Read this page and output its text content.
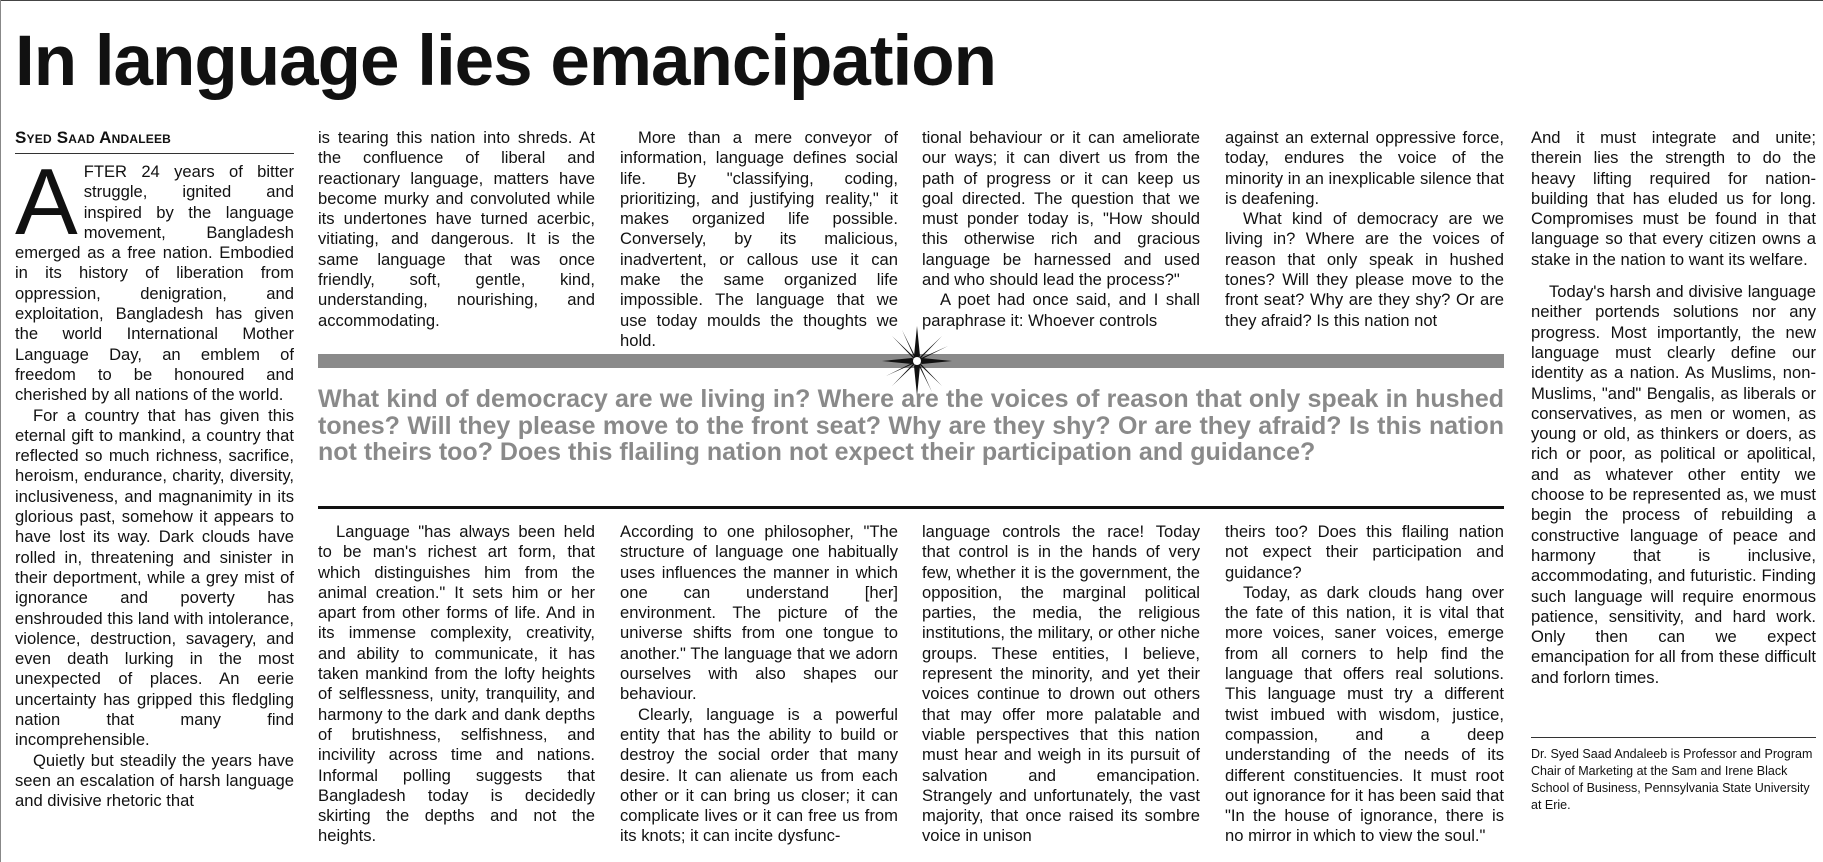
In language lies emancipation
Syed Saad Andaleeb

AFTER 24 years of bitter struggle, ignited and inspired by the language movement, Bangladesh emerged as a free nation. Embodied in its history of liberation from oppression, denigration, and exploitation, Bangladesh has given the world International Mother Language Day, an emblem of freedom to be honoured and cherished by all nations of the world.

For a country that has given this eternal gift to mankind, a country that reflected so much richness, sacrifice, heroism, endurance, charity, diversity, inclusiveness, and magnanimity in its glorious past, somehow it appears to have lost its way. Dark clouds have rolled in, threatening and sinister in their deportment, while a grey mist of ignorance and poverty has enshrouded this land with intolerance, violence, destruction, savagery, and even death lurking in the most unexpected of places. An eerie uncertainty has gripped this fledgling nation that many find incomprehensible.

Quietly but steadily the years have seen an escalation of harsh language and divisive rhetoric that

is tearing this nation into shreds. At the confluence of liberal and reactionary language, matters have become murky and convoluted while its undertones have turned acerbic, vitiating, and dangerous. It is the same language that was once friendly, soft, gentle, kind, understanding, nourishing, and accommodating.

More than a mere conveyor of information, language defines social life. By "classifying, coding, prioritizing, and justifying reality," it makes organized life possible. Conversely, by its malicious, inadvertent, or callous use it can make the same organized life impossible. The language that we use today moulds the thoughts we hold.

tional behaviour or it can ameliorate our ways; it can divert us from the path of progress or it can keep us goal directed. The question that we must ponder today is, "How should this otherwise rich and gracious language be harnessed and used and who should lead the process?"

A poet had once said, and I shall paraphrase it: Whoever controls

against an external oppressive force, today, endures the voice of the minority in an inexplicable silence that is deafening.

What kind of democracy are we living in? Where are the voices of reason that only speak in hushed tones? Will they please move to the front seat? Why are they shy? Or are they afraid? Is this nation not

What kind of democracy are we living in? Where are the voices of reason that only speak in hushed tones? Will they please move to the front seat? Why are they shy? Or are they afraid? Is this nation not theirs too? Does this flailing nation not expect their participation and guidance?

Language "has always been held to be man's richest art form, that which distinguishes him from the animal creation." It sets him or her apart from other forms of life. And in its immense complexity, creativity, and ability to communicate, it has taken mankind from the lofty heights of selflessness, unity, tranquility, and harmony to the dark and dank depths of brutishness, selfishness, and incivility across time and nations. Informal polling suggests that Bangladesh today is decidedly skirting the depths and not the heights.

According to one philosopher, "The structure of language one habitually uses influences the manner in which one can understand [her] environment. The picture of the universe shifts from one tongue to another." The language that we adorn ourselves with also shapes our behaviour.

Clearly, language is a powerful entity that has the ability to build or destroy the social order that many desire. It can alienate us from each other or it can bring us closer; it can complicate lives or it can free us from its knots; it can incite dysfunc-

language controls the race! Today that control is in the hands of very few, whether it is the government, the opposition, the marginal political parties, the media, the religious institutions, the military, or other niche groups. These entities, I believe, represent the minority, and yet their voices continue to drown out others that may offer more palatable and viable perspectives that this nation must hear and weigh in its pursuit of salvation and emancipation. Strangely and unfortunately, the vast majority, that once raised its sombre voice in unison

theirs too? Does this flailing nation not expect their participation and guidance?

Today, as dark clouds hang over the fate of this nation, it is vital that more voices, saner voices, emerge from all corners to help find the language that offers real solutions. This language must try a different twist imbued with wisdom, justice, compassion, and a deep understanding of the needs of its different constituencies. It must root out ignorance for it has been said that "In the house of ignorance, there is no mirror in which to view the soul."

And it must integrate and unite; therein lies the strength to do the heavy lifting required for nation-building that has eluded us for long. Compromises must be found in that language so that every citizen owns a stake in the nation to want its welfare.

Today's harsh and divisive language neither portends solutions nor any progress. Most importantly, the new language must clearly define our identity as a nation. As Muslims, non-Muslims, "and" Bengalis, as liberals or conservatives, as men or women, as young or old, as thinkers or doers, as rich or poor, as political or apolitical, and as whatever other entity we choose to be represented as, we must begin the process of rebuilding a constructive language of peace and harmony that is inclusive, accommodating, and futuristic. Finding such language will require enormous patience, sensitivity, and hard work. Only then can we expect emancipation for all from these difficult and forlorn times.

Dr. Syed Saad Andaleeb is Professor and Program Chair of Marketing at the Sam and Irene Black School of Business, Pennsylvania State University at Erie.
